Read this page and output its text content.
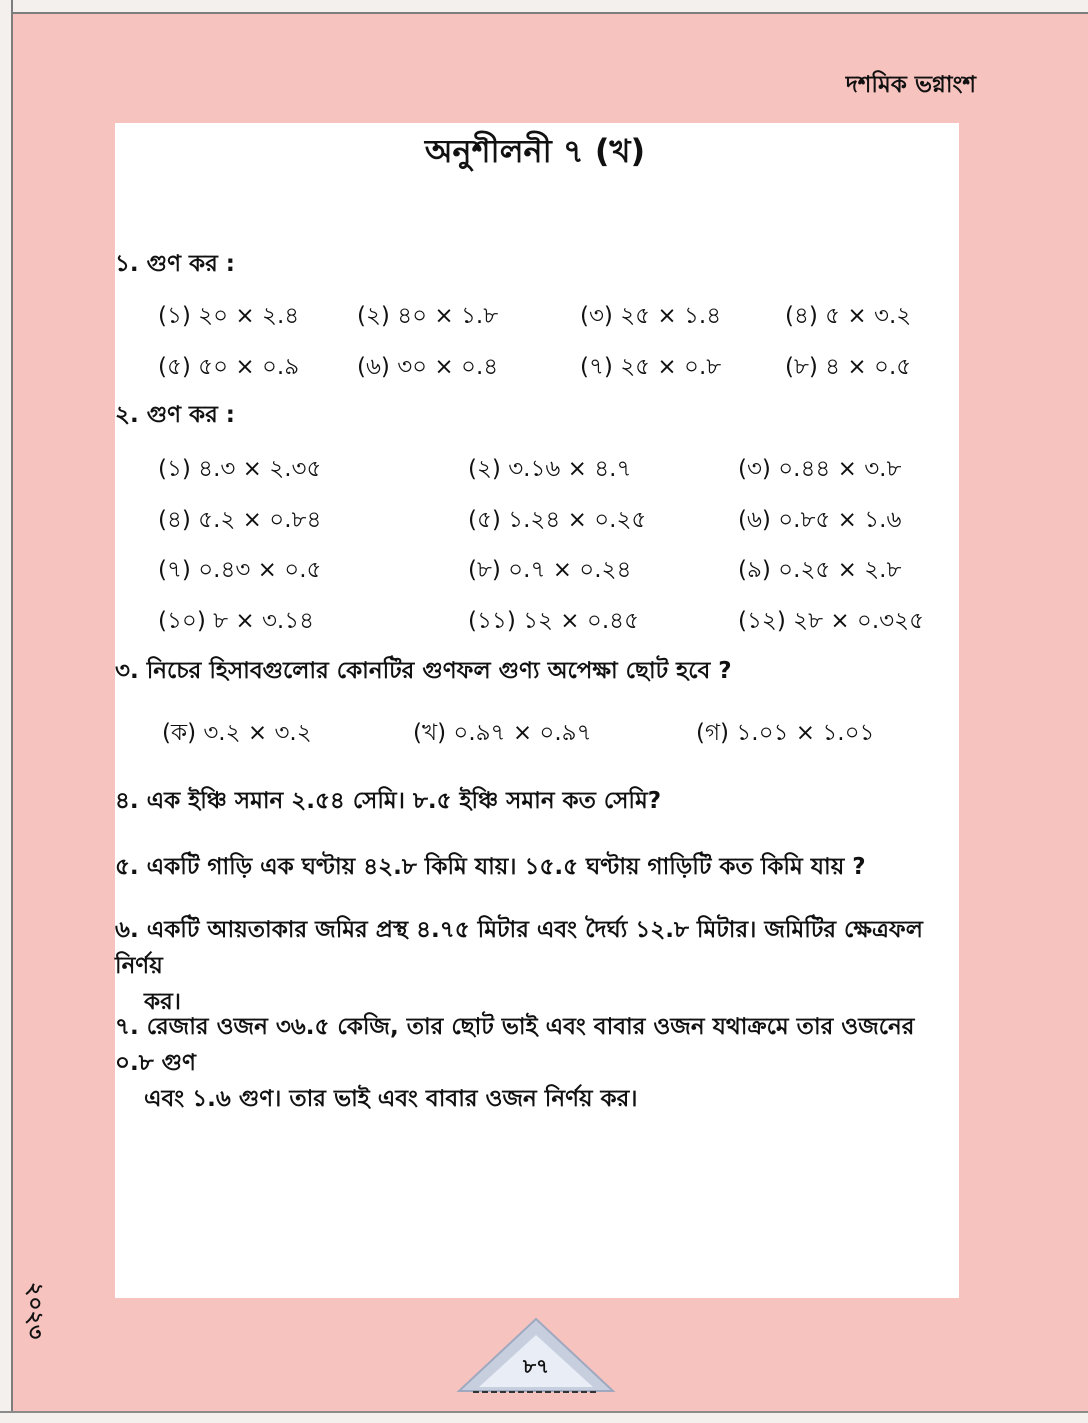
দশমিক ভগ্নাংশ
অনুশীলনী ৭ (খ)
১. গুণ কর :
(১) ২০ × ২.৪	(২) ৪০ × ১.৮	(৩) ২৫ × ১.৪	(৪) ৫ × ৩.২
(৫) ৫০ × ০.৯	(৬) ৩০ × ০.৪	(৭) ২৫ × ০.৮	(৮) ৪ × ০.৫
২. গুণ কর :
(১) ৪.৩ × ২.৩৫	(২) ৩.১৬ × ৪.৭	(৩) ০.৪৪ × ৩.৮
(৪) ৫.২ × ০.৮৪	(৫) ১.২৪ × ০.২৫	(৬) ০.৮৫ × ১.৬
(৭) ০.৪৩ × ০.৫	(৮) ০.৭ × ০.২৪	(৯) ০.২৫ × ২.৮
(১০) ৮ × ৩.১৪	(১১) ১২ × ০.৪৫	(১২) ২৮ × ০.৩২৫
৩. নিচের হিসাবগুলোর কোনটির গুণফল গুণ্য অপেক্ষা ছোট হবে ?
(ক) ৩.২ × ৩.২	(খ) ০.৯৭ × ০.৯৭	(গ) ১.০১ × ১.০১
৪. এক ইঞ্চি সমান ২.৫৪ সেমি। ৮.৫ ইঞ্চি সমান কত সেমি?
৫. একটি গাড়ি এক ঘণ্টায় ৪২.৮ কিমি যায়। ১৫.৫ ঘণ্টায় গাড়িটি কত কিমি যায় ?
৬. একটি আয়তাকার জমির প্রস্থ ৪.৭৫ মিটার এবং দৈর্ঘ্য ১২.৮ মিটার। জমিটির ক্ষেত্রফল নির্ণয়
কর।
৭. রেজার ওজন ৩৬.৫ কেজি, তার ছোট ভাই এবং বাবার ওজন যথাক্রমে তার ওজনের ০.৮ গুণ
এবং ১.৬ গুণ। তার ভাই এবং বাবার ওজন নির্ণয় কর।
২০২৩
৮৭
